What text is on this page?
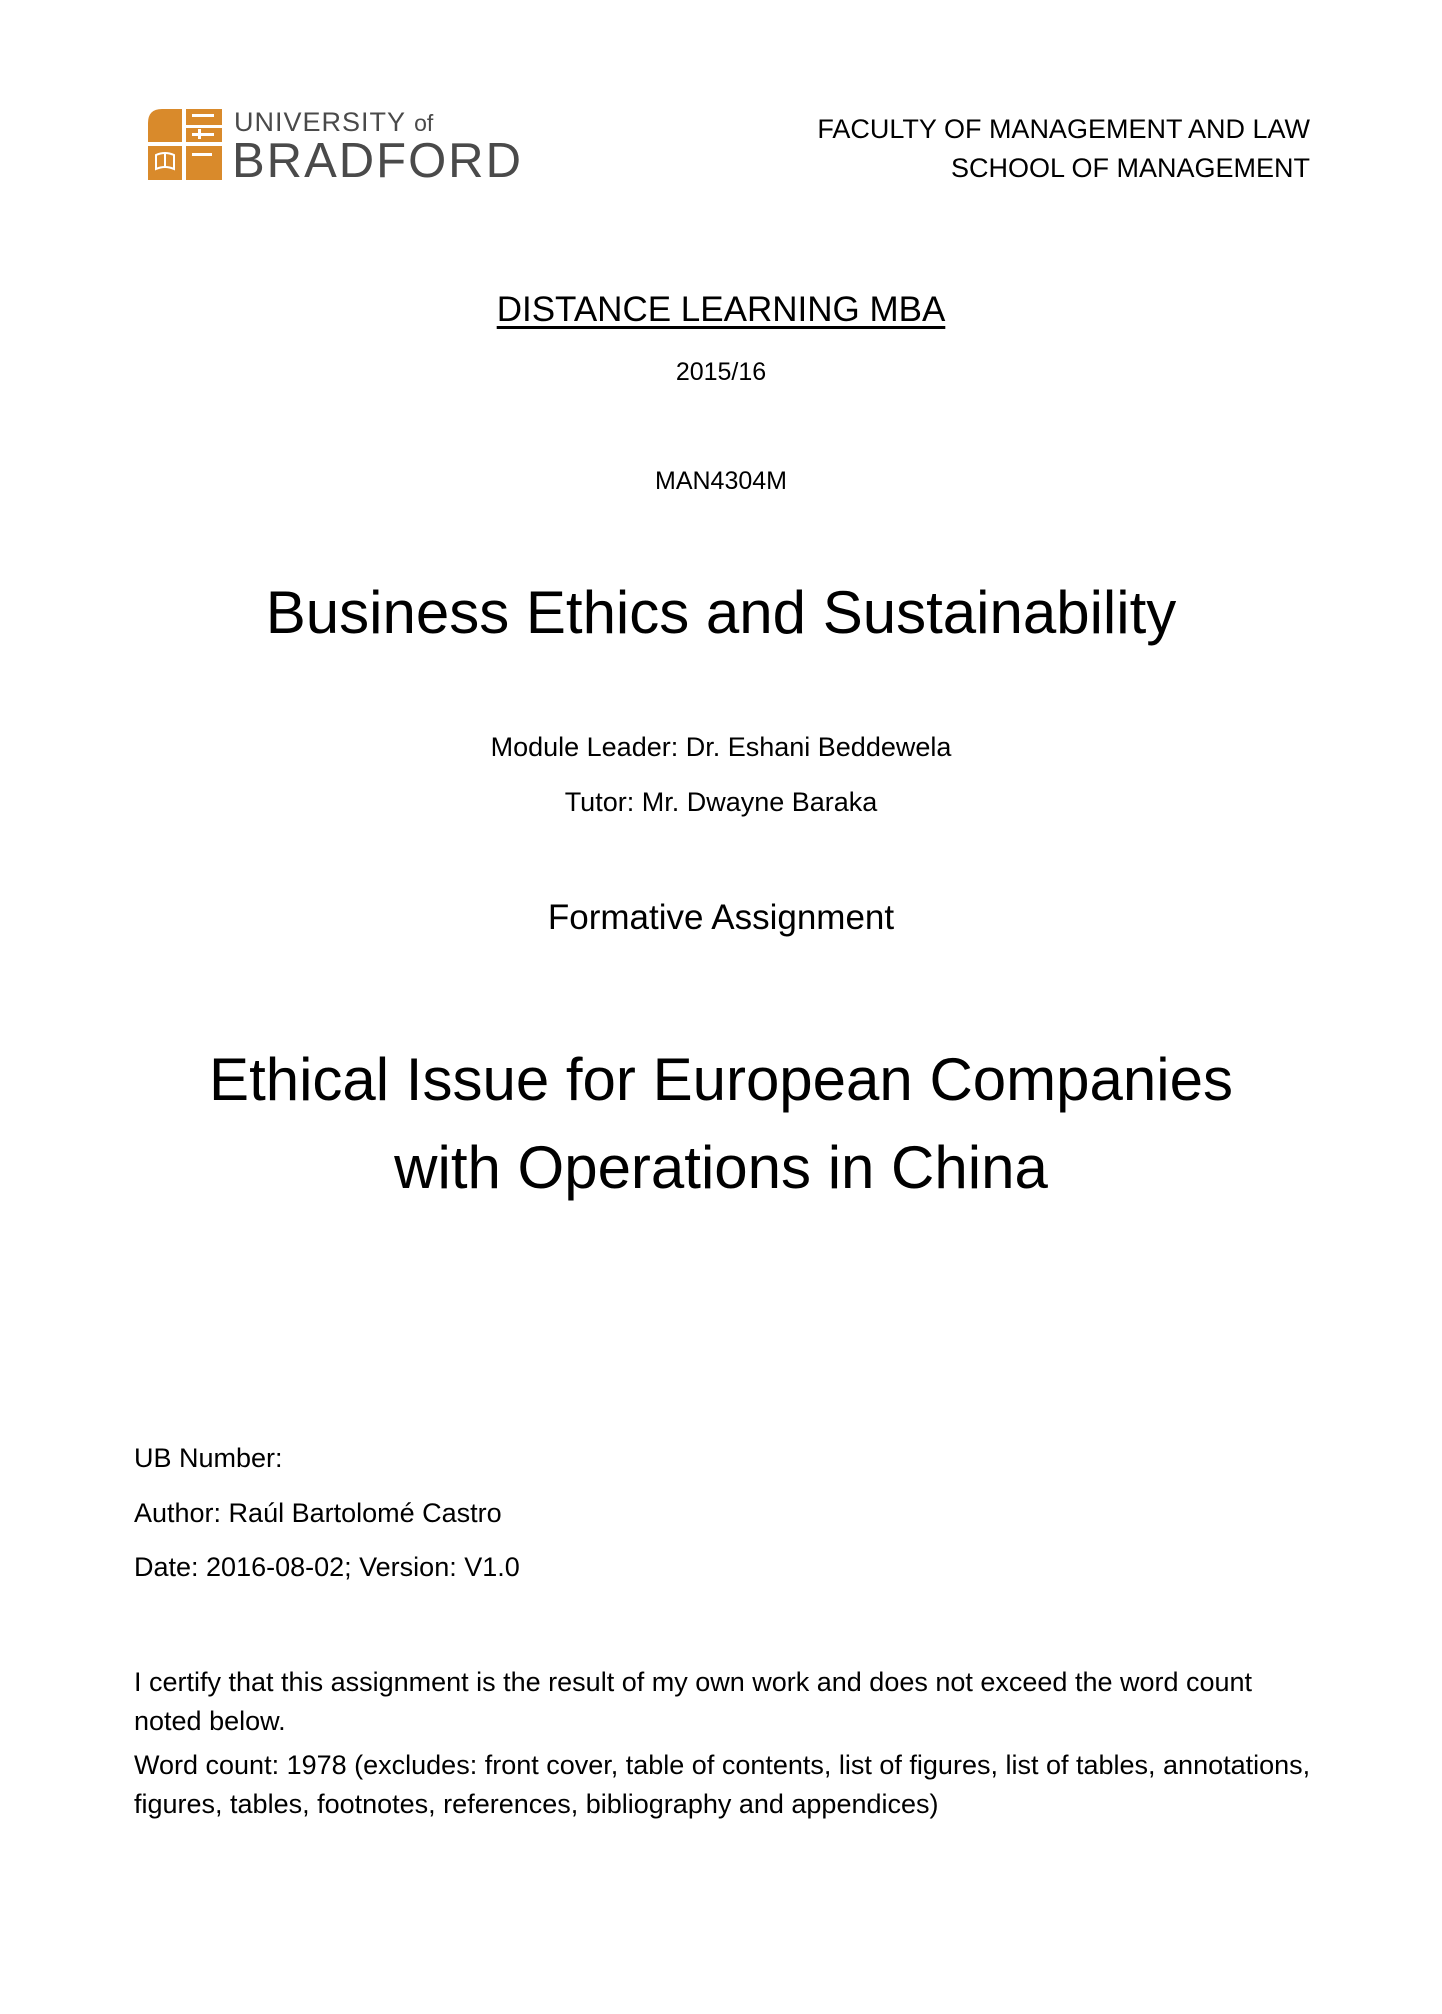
UNIVERSITY of
BRADFORD
FACULTY OF MANAGEMENT AND LAW
SCHOOL OF MANAGEMENT
DISTANCE LEARNING MBA
2015/16
MAN4304M
Business Ethics and Sustainability
Module Leader: Dr. Eshani Beddewela
Tutor: Mr. Dwayne Baraka
Formative Assignment
Ethical Issue for European Companies
with Operations in China
UB Number:
Author: Raúl Bartolomé Castro
Date: 2016-08-02; Version: V1.0
I certify that this assignment is the result of my own work and does not exceed the word count noted below.
Word count: 1978 (excludes: front cover, table of contents, list of figures, list of tables, annotations, figures, tables, footnotes, references, bibliography and appendices)
